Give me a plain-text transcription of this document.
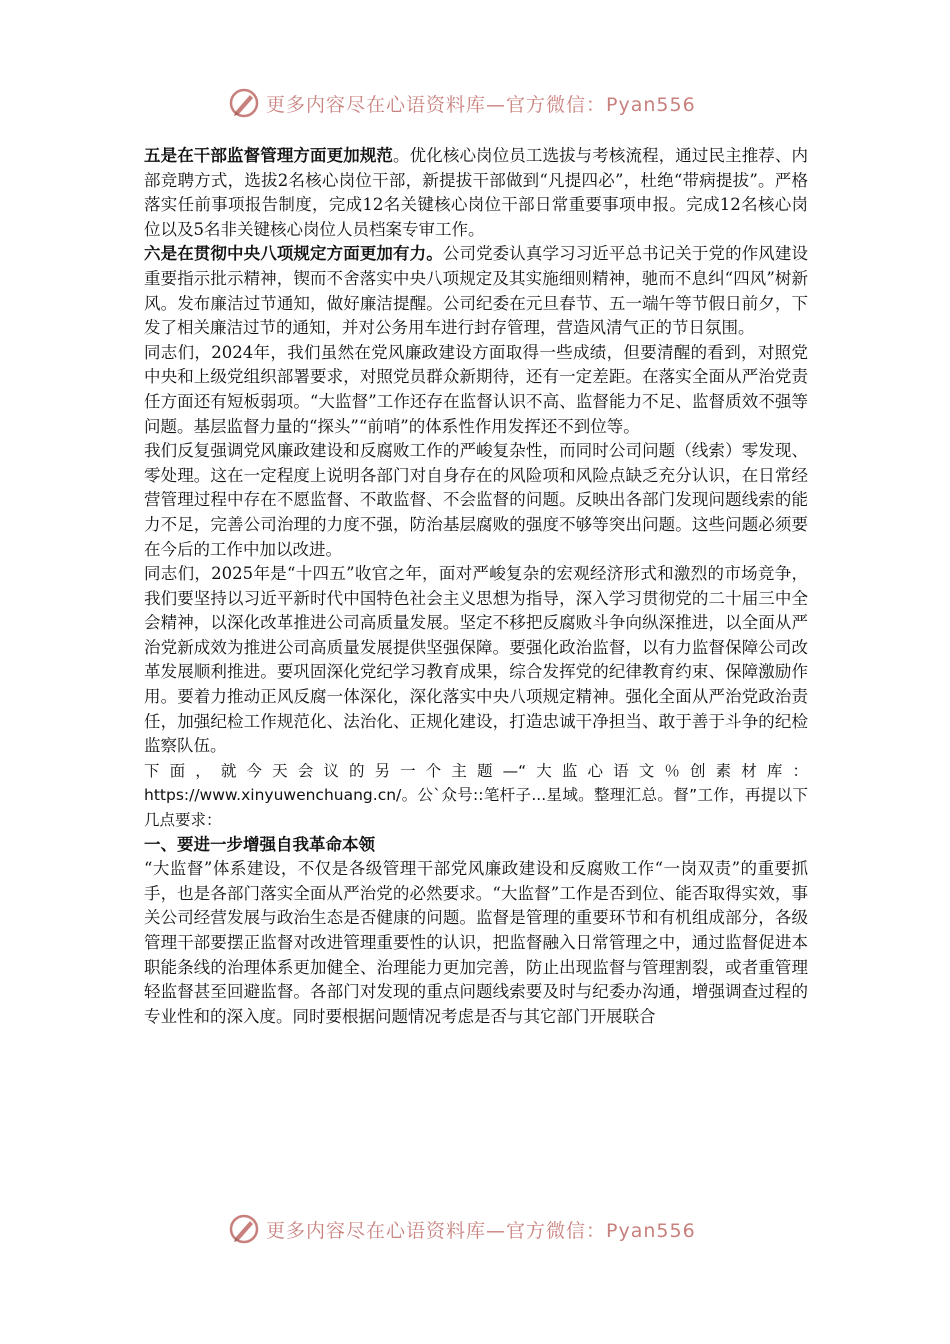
更多内容尽在心语资料库—官方微信：Pyan556

五是在干部监督管理方面更加规范。优化核心岗位员工选拔与考核流程，通过民主推荐、内部竞聘方式，选拔2名核心岗位干部，新提拔干部做到“凡提四必”，杜绝“带病提拔”。严格落实任前事项报告制度，完成12名关键核心岗位干部日常重要事项申报。完成12名核心岗位以及5名非关键核心岗位人员档案专审工作。

六是在贯彻中央八项规定方面更加有力。公司党委认真学习习近平总书记关于党的作风建设重要指示批示精神，锲而不舍落实中央八项规定及其实施细则精神，驰而不息纠“四风”树新风。发布廉洁过节通知，做好廉洁提醒。公司纪委在元旦春节、五一端午等节假日前夕，下发了相关廉洁过节的通知，并对公务用车进行封存管理，营造风清气正的节日氛围。

同志们，2024年，我们虽然在党风廉政建设方面取得一些成绩，但要清醒的看到，对照党中央和上级党组织部署要求，对照党员群众新期待，还有一定差距。在落实全面从严治党责任方面还有短板弱项。“大监督”工作还存在监督认识不高、监督能力不足、监督质效不强等问题。基层监督力量的“探头”“前哨”的体系性作用发挥还不到位等。

我们反复强调党风廉政建设和反腐败工作的严峻复杂性，而同时公司问题（线索）零发现、零处理。这在一定程度上说明各部门对自身存在的风险项和风险点缺乏充分认识，在日常经营管理过程中存在不愿监督、不敢监督、不会监督的问题。反映出各部门发现问题线索的能力不足，完善公司治理的力度不强，防治基层腐败的强度不够等突出问题。这些问题必须要在今后的工作中加以改进。

同志们，2025年是“十四五”收官之年，面对严峻复杂的宏观经济形式和激烈的市场竞争，我们要坚持以习近平新时代中国特色社会主义思想为指导，深入学习贯彻党的二十届三中全会精神，以深化改革推进公司高质量发展。坚定不移把反腐败斗争向纵深推进，以全面从严治党新成效为推进公司高质量发展提供坚强保障。要强化政治监督，以有力监督保障公司改革发展顺利推进。要巩固深化党纪学习教育成果，综合发挥党的纪律教育约束、保障激励作用。要着力推动正风反腐一体深化，深化落实中央八项规定精神。强化全面从严治党政治责任，加强纪检工作规范化、法治化、正规化建设，打造忠诚干净担当、敢于善于斗争的纪检监察队伍。

下面，就今天会议的另一个主题—“大监心语文％创素材库：https://www.xinyuwenchuang.cn/。公`众号::笔杆子...星域。整理汇总。督”工作，再提以下几点要求：

一、要进一步增强自我革命本领

“大监督”体系建设，不仅是各级管理干部党风廉政建设和反腐败工作“一岗双责”的重要抓手，也是各部门落实全面从严治党的必然要求。“大监督”工作是否到位、能否取得实效，事关公司经营发展与政治生态是否健康的问题。监督是管理的重要环节和有机组成部分，各级管理干部要摆正监督对改进管理重要性的认识，把监督融入日常管理之中，通过监督促进本职能条线的治理体系更加健全、治理能力更加完善，防止出现监督与管理割裂，或者重管理轻监督甚至回避监督。各部门对发现的重点问题线索要及时与纪委办沟通，增强调查过程的专业性和的深入度。同时要根据问题情况考虑是否与其它部门开展联合

更多内容尽在心语资料库—官方微信：Pyan556
